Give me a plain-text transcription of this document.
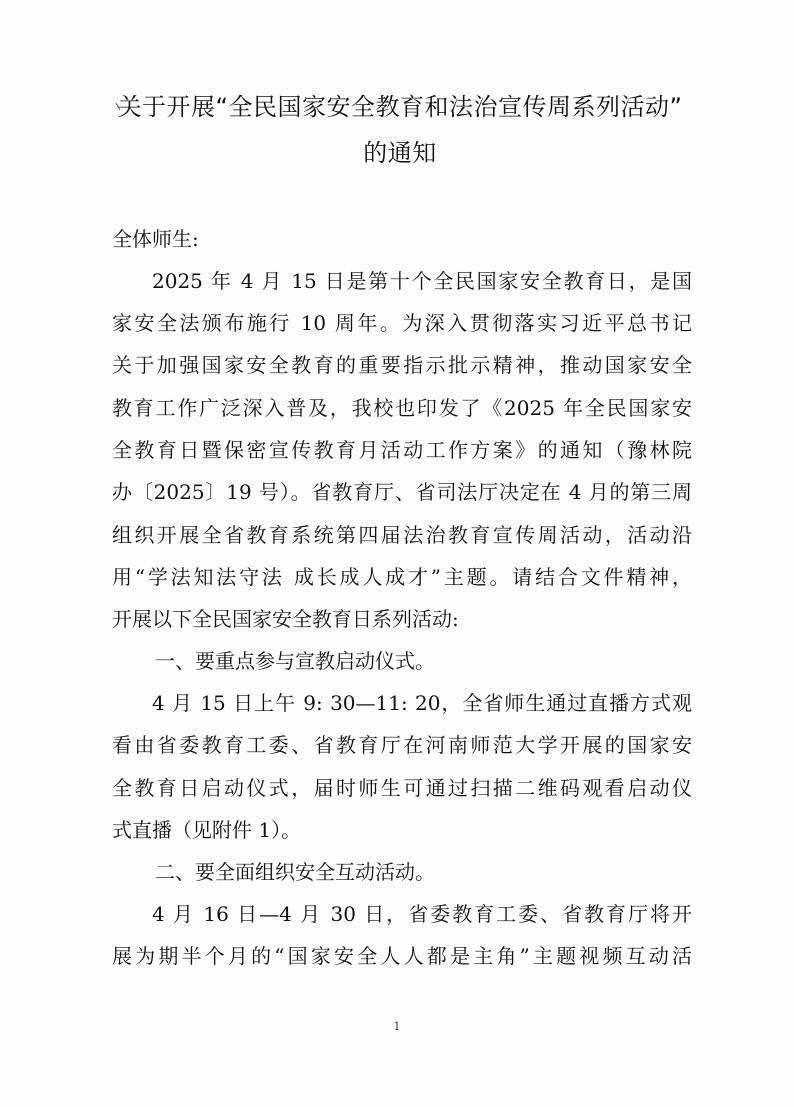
关于开展“全民国家安全教育和法治宣传周系列活动”
的通知
全体师生:
2025 年 4 月 15 日是第十个全民国家安全教育日，是国
家安全法颁布施行 10 周年。为深入贯彻落实习近平总书记
关于加强国家安全教育的重要指示批示精神，推动国家安全
教育工作广泛深入普及，我校也印发了《2025 年全民国家安
全教育日暨保密宣传教育月活动工作方案》的通知（豫林院
办〔2025〕19 号）。省教育厅、省司法厅决定在 4 月的第三周
组织开展全省教育系统第四届法治教育宣传周活动，活动沿
用“学法知法守法 成长成人成才”主题。请结合文件精神，
开展以下全民国家安全教育日系列活动:
一、要重点参与宣教启动仪式。
4 月 15 日上午 9: 30—11: 20，全省师生通过直播方式观
看由省委教育工委、省教育厅在河南师范大学开展的国家安
全教育日启动仪式，届时师生可通过扫描二维码观看启动仪
式直播（见附件 1）。
二、要全面组织安全互动活动。
4 月 16 日—4 月 30 日，省委教育工委、省教育厅将开
展为期半个月的“国家安全人人都是主角”主题视频互动活
1
